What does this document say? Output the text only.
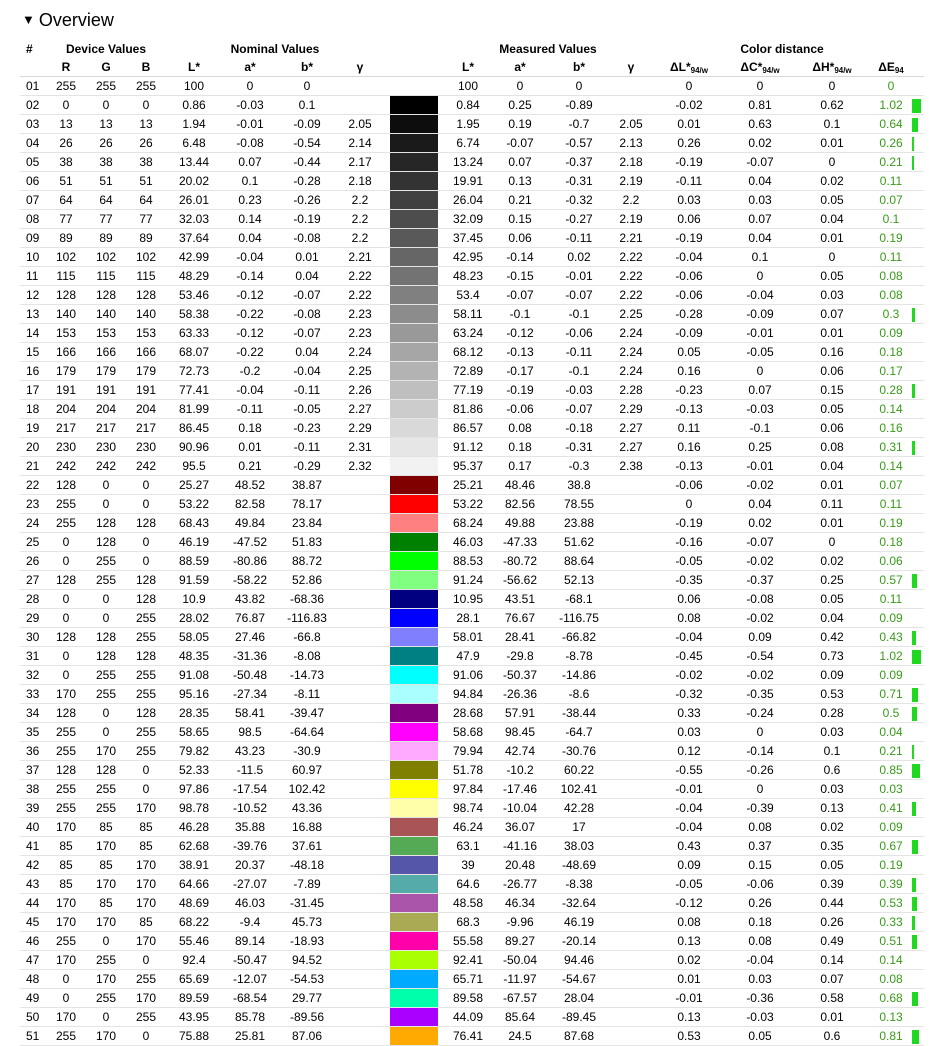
▼ Overview
#	Device Values			Nominal Values					Measured Values				Color distance				
	R	G	B	L*	a*	b*	γ		L*	a*	b*	γ	$\Delta L*_{94/w}$	$\Delta C*_{94/w}$	$\Delta H*_{94/w}$	$\Delta E_{94}$	
01	255	255	255	100	0	0			100	0	0		0	0	0	0	
02	0	0	0	0.86	-0.03	0.1			0.84	0.25	-0.89		-0.02	0.81	0.62	1.02	
03	13	13	13	1.94	-0.01	-0.09	2.05		1.95	0.19	-0.7	2.05	0.01	0.63	0.1	0.64	
04	26	26	26	6.48	-0.08	-0.54	2.14		6.74	-0.07	-0.57	2.13	0.26	0.02	0.01	0.26	
05	38	38	38	13.44	0.07	-0.44	2.17		13.24	0.07	-0.37	2.18	-0.19	-0.07	0	0.21	
06	51	51	51	20.02	0.1	-0.28	2.18		19.91	0.13	-0.31	2.19	-0.11	0.04	0.02	0.11	
07	64	64	64	26.01	0.23	-0.26	2.2		26.04	0.21	-0.32	2.2	0.03	0.03	0.05	0.07	
08	77	77	77	32.03	0.14	-0.19	2.2		32.09	0.15	-0.27	2.19	0.06	0.07	0.04	0.1	
09	89	89	89	37.64	0.04	-0.08	2.2		37.45	0.06	-0.11	2.21	-0.19	0.04	0.01	0.19	
10	102	102	102	42.99	-0.04	0.01	2.21		42.95	-0.14	0.02	2.22	-0.04	0.1	0	0.11	
11	115	115	115	48.29	-0.14	0.04	2.22		48.23	-0.15	-0.01	2.22	-0.06	0	0.05	0.08	
12	128	128	128	53.46	-0.12	-0.07	2.22		53.4	-0.07	-0.07	2.22	-0.06	-0.04	0.03	0.08	
13	140	140	140	58.38	-0.22	-0.08	2.23		58.11	-0.1	-0.1	2.25	-0.28	-0.09	0.07	0.3	
14	153	153	153	63.33	-0.12	-0.07	2.23		63.24	-0.12	-0.06	2.24	-0.09	-0.01	0.01	0.09	
15	166	166	166	68.07	-0.22	0.04	2.24		68.12	-0.13	-0.11	2.24	0.05	-0.05	0.16	0.18	
16	179	179	179	72.73	-0.2	-0.04	2.25		72.89	-0.17	-0.1	2.24	0.16	0	0.06	0.17	
17	191	191	191	77.41	-0.04	-0.11	2.26		77.19	-0.19	-0.03	2.28	-0.23	0.07	0.15	0.28	
18	204	204	204	81.99	-0.11	-0.05	2.27		81.86	-0.06	-0.07	2.29	-0.13	-0.03	0.05	0.14	
19	217	217	217	86.45	0.18	-0.23	2.29		86.57	0.08	-0.18	2.27	0.11	-0.1	0.06	0.16	
20	230	230	230	90.96	0.01	-0.11	2.31		91.12	0.18	-0.31	2.27	0.16	0.25	0.08	0.31	
21	242	242	242	95.5	0.21	-0.29	2.32		95.37	0.17	-0.3	2.38	-0.13	-0.01	0.04	0.14	
22	128	0	0	25.27	48.52	38.87			25.21	48.46	38.8		-0.06	-0.02	0.01	0.07	
23	255	0	0	53.22	82.58	78.17			53.22	82.56	78.55		0	0.04	0.11	0.11	
24	255	128	128	68.43	49.84	23.84			68.24	49.88	23.88		-0.19	0.02	0.01	0.19	
25	0	128	0	46.19	-47.52	51.83			46.03	-47.33	51.62		-0.16	-0.07	0	0.18	
26	0	255	0	88.59	-80.86	88.72			88.53	-80.72	88.64		-0.05	-0.02	0.02	0.06	
27	128	255	128	91.59	-58.22	52.86			91.24	-56.62	52.13		-0.35	-0.37	0.25	0.57	
28	0	0	128	10.9	43.82	-68.36			10.95	43.51	-68.1		0.06	-0.08	0.05	0.11	
29	0	0	255	28.02	76.87	-116.83			28.1	76.67	-116.75		0.08	-0.02	0.04	0.09	
30	128	128	255	58.05	27.46	-66.8			58.01	28.41	-66.82		-0.04	0.09	0.42	0.43	
31	0	128	128	48.35	-31.36	-8.08			47.9	-29.8	-8.78		-0.45	-0.54	0.73	1.02	
32	0	255	255	91.08	-50.48	-14.73			91.06	-50.37	-14.86		-0.02	-0.02	0.09	0.09	
33	170	255	255	95.16	-27.34	-8.11			94.84	-26.36	-8.6		-0.32	-0.35	0.53	0.71	
34	128	0	128	28.35	58.41	-39.47			28.68	57.91	-38.44		0.33	-0.24	0.28	0.5	
35	255	0	255	58.65	98.5	-64.64			58.68	98.45	-64.7		0.03	0	0.03	0.04	
36	255	170	255	79.82	43.23	-30.9			79.94	42.74	-30.76		0.12	-0.14	0.1	0.21	
37	128	128	0	52.33	-11.5	60.97			51.78	-10.2	60.22		-0.55	-0.26	0.6	0.85	
38	255	255	0	97.86	-17.54	102.42			97.84	-17.46	102.41		-0.01	0	0.03	0.03	
39	255	255	170	98.78	-10.52	43.36			98.74	-10.04	42.28		-0.04	-0.39	0.13	0.41	
40	170	85	85	46.28	35.88	16.88			46.24	36.07	17		-0.04	0.08	0.02	0.09	
41	85	170	85	62.68	-39.76	37.61			63.1	-41.16	38.03		0.43	0.37	0.35	0.67	
42	85	85	170	38.91	20.37	-48.18			39	20.48	-48.69		0.09	0.15	0.05	0.19	
43	85	170	170	64.66	-27.07	-7.89			64.6	-26.77	-8.38		-0.05	-0.06	0.39	0.39	
44	170	85	170	48.69	46.03	-31.45			48.58	46.34	-32.64		-0.12	0.26	0.44	0.53	
45	170	170	85	68.22	-9.4	45.73			68.3	-9.96	46.19		0.08	0.18	0.26	0.33	
46	255	0	170	55.46	89.14	-18.93			55.58	89.27	-20.14		0.13	0.08	0.49	0.51	
47	170	255	0	92.4	-50.47	94.52			92.41	-50.04	94.46		0.02	-0.04	0.14	0.14	
48	0	170	255	65.69	-12.07	-54.53			65.71	-11.97	-54.67		0.01	0.03	0.07	0.08	
49	0	255	170	89.59	-68.54	29.77			89.58	-67.57	28.04		-0.01	-0.36	0.58	0.68	
50	170	0	255	43.95	85.78	-89.56			44.09	85.64	-89.45		0.13	-0.03	0.01	0.13	
51	255	170	0	75.88	25.81	87.06			76.41	24.5	87.68		0.53	0.05	0.6	0.81	
